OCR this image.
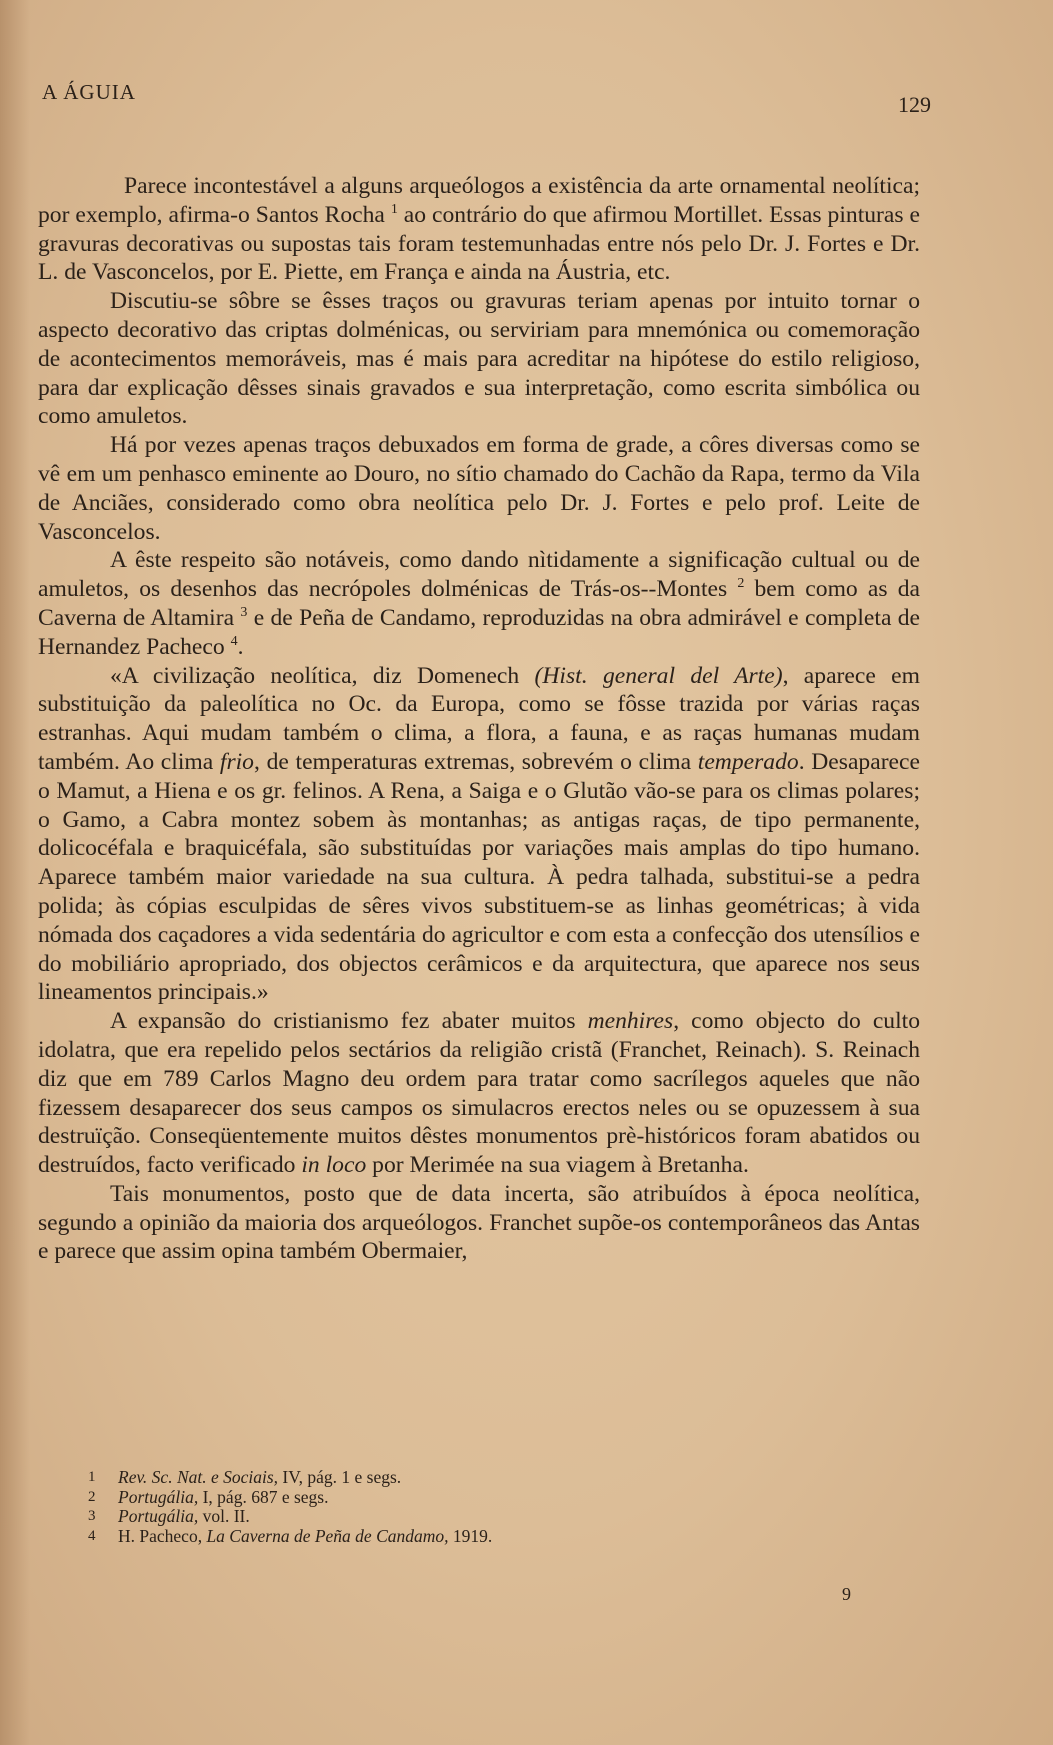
A ÁGUIA	129

Parece incontestável a alguns arqueólogos a existência da arte ornamental neolítica; por exemplo, afirma-o Santos Rocha $^1$ ao contrário do que afirmou Mortillet. Essas pinturas e gravuras decorativas ou supostas tais foram testemunhadas entre nós pelo Dr. J. Fortes e Dr. L. de Vasconcelos, por E. Piette, em França e ainda na Áustria, etc.

Discutiu-se sôbre se êsses traços ou gravuras teriam apenas por intuito tornar o aspecto decorativo das criptas dolménicas, ou serviriam para mnemónica ou comemoração de acontecimentos memoráveis, mas é mais para acreditar na hipótese do estilo religioso, para dar explicação dêsses sinais gravados e sua interpretação, como escrita simbólica ou como amuletos.

Há por vezes apenas traços debuxados em forma de grade, a côres diversas como se vê em um penhasco eminente ao Douro, no sítio chamado do Cachão da Rapa, termo da Vila de Anciães, considerado como obra neolítica pelo Dr. J. Fortes e pelo prof. Leite de Vasconcelos.

A êste respeito são notáveis, como dando nìtidamente a significação cultual ou de amuletos, os desenhos das necrópoles dolménicas de Trás-os--Montes $^2$ bem como as da Caverna de Altamira $^3$ e de Peña de Candamo, reproduzidas na obra admirável e completa de Hernandez Pacheco $^4$.

«A civilização neolítica, diz Domenech (Hist. general del Arte), aparece em substituição da paleolítica no Oc. da Europa, como se fôsse trazida por várias raças estranhas. Aqui mudam também o clima, a flora, a fauna, e as raças humanas mudam também. Ao clima frio, de temperaturas extremas, sobrevém o clima temperado. Desaparece o Mamut, a Hiena e os gr. felinos. A Rena, a Saiga e o Glutão vão-se para os climas polares; o Gamo, a Cabra montez sobem às montanhas; as antigas raças, de tipo permanente, dolicocéfala e braquicéfala, são substituídas por variações mais amplas do tipo humano. Aparece também maior variedade na sua cultura. À pedra talhada, substitui-se a pedra polida; às cópias esculpidas de sêres vivos substituem-se as linhas geométricas; à vida nómada dos caçadores a vida sedentária do agricultor e com esta a confecção dos utensílios e do mobiliário apropriado, dos objectos cerâmicos e da arquitectura, que aparece nos seus lineamentos principais.»

A expansão do cristianismo fez abater muitos menhires, como objecto do culto idolatra, que era repelido pelos sectários da religião cristã (Franchet, Reinach). S. Reinach diz que em 789 Carlos Magno deu ordem para tratar como sacrílegos aqueles que não fizessem desaparecer dos seus campos os simulacros erectos neles ou se opuzessem à sua destruïção. Conseqüentemente muitos dêstes monumentos prè-históricos foram abatidos ou destruídos, facto verificado in loco por Merimée na sua viagem à Bretanha.

Tais monumentos, posto que de data incerta, são atribuídos à época neolítica, segundo a opinião da maioria dos arqueólogos. Franchet supõe-os contemporâneos das Antas e parece que assim opina também Obermaier,

1	Rev. Sc. Nat. e Sociais, IV, pág. 1 e segs.
2	Portugália, I, pág. 687 e segs.
3	Portugália, vol. II.
4	H. Pacheco, La Caverna de Peña de Candamo, 1919.
9
